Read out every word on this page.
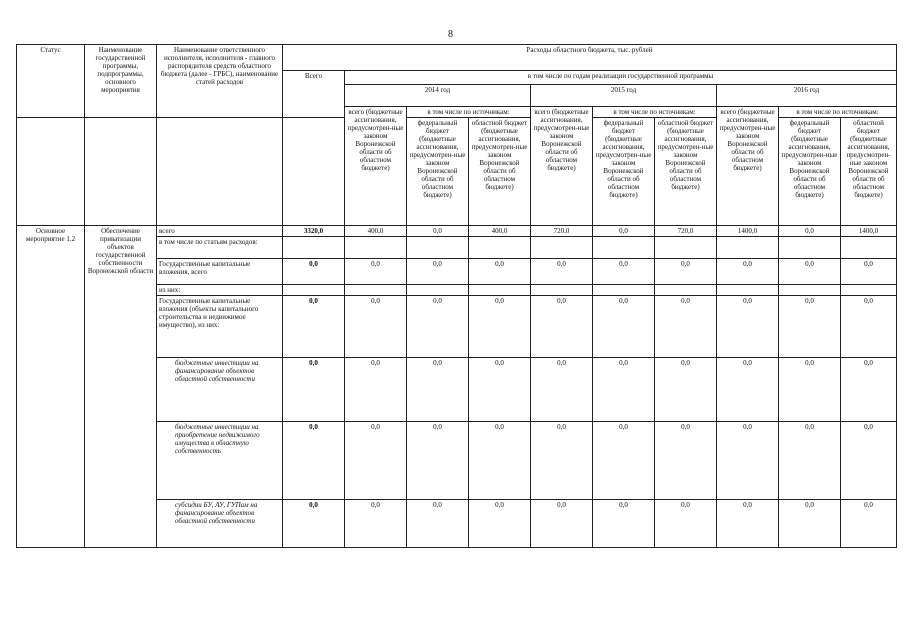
8
Статус	Наименование государственной программы, подпрограммы, основного мероприятия	Наименование ответственного исполнителя, исполнителя - главного распорядителя средств областного бюджета (далее - ГРБС), наименование статей расходов	Расходы областного бюджета, тыс. рублей									
			Всего	в том числе по годам реализации государственной программы								
				2014 год			2015 год			2016 год		
				всего (бюджетные ассигнования, предусмотрен-ные законом Воронежской области об областном бюджете)	в том числе по источникам:		всего (бюджетные ассигнования, предусмотрен-ные законом Воронежской области об областном бюджете)	в том числе по источникам:		всего (бюджетные ассигнования, предусмотрен-ные законом Воронежской области об областном бюджете)	в том числе по источникам:	
					федеральный бюджет (бюджетные ассигнования, предусмотрен-ные законом Воронежской области об областном бюджете)	областной бюджет (бюджетные ассигнования, предусмотрен-ные законом Воронежской области об областном бюджете)		федеральный бюджет (бюджетные ассигнования, предусмотрен-ные законом Воронежской области об областном бюджете)	областной бюджет (бюджетные ассигнования, предусмотрен-ные законом Воронежской области об областном бюджете)		федеральный бюджет (бюджетные ассигнования, предусмотрен-ные законом Воронежской области об областном бюджете)	областной бюджет (бюджетные ассигнования, предусмотрен-ные законом Воронежской области об областном бюджете)
Основное мероприятие 1.2	Обеспечение приватизации объектов государственной собственности Воронежской области	всего	3320,0	400,0	0,0	400,0	720,0	0,0	720,0	1400,0	0,0	1400,0
		в том числе по статьям расходов:										
		Государственные капитальные вложения, всего	0,0	0,0	0,0	0,0	0,0	0,0	0,0	0,0	0,0	0,0
		из них:										
		Государственные капитальные вложения (объекты капитального строительства и недвижимое имущество), из них:	0,0	0,0	0,0	0,0	0,0	0,0	0,0	0,0	0,0	0,0
		бюджетные инвестиции на финансирование объектов областной собственности	0,0	0,0	0,0	0,0	0,0	0,0	0,0	0,0	0,0	0,0
		бюджетные инвестиции на приобретение недвижимого имущества в областную собственность	0,0	0,0	0,0	0,0	0,0	0,0	0,0	0,0	0,0	0,0
		субсидии БУ, АУ, ГУПам на финансирование объектов областной собственности	0,0	0,0	0,0	0,0	0,0	0,0	0,0	0,0	0,0	0,0
